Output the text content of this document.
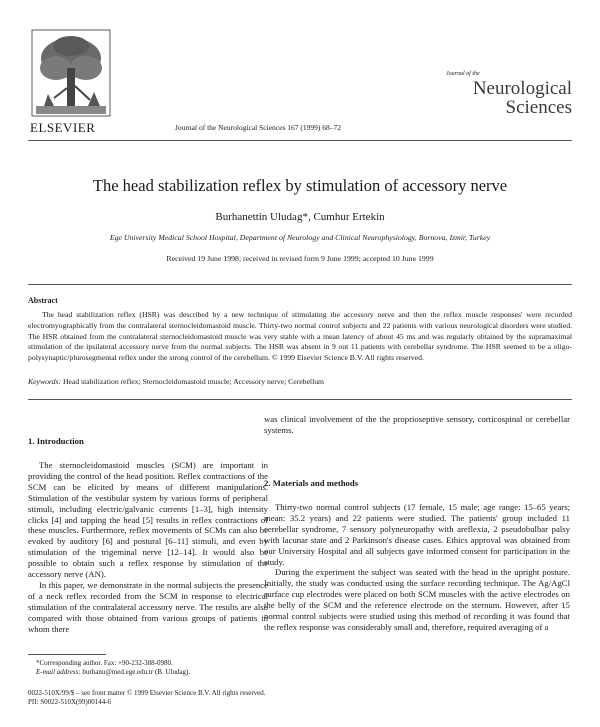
ELSEVIER	Journal of the Neurological Sciences 167 (1999) 68–72
Journal of the
Neurological
Sciences
The head stabilization reflex by stimulation of accessory nerve
Burhanettin Uludag*, Cumhur Ertekin
Ege University Medical School Hospital, Department of Neurology and Clinical Neurophysiology, Bornova, Izmir, Turkey
Received 19 June 1998; received in revised form 9 June 1999; accepted 10 June 1999
Abstract
The head stabilization reflex (HSR) was described by a new technique of stimulating the accessory nerve and then the reflex muscle responses' were recorded electromyographically from the contralateral sternocleidomastoid muscle. Thirty-two normal control subjects and 22 patients with various neurological disorders were studied. The HSR obtained from the contralateral sternocleidomastoid muscle was very stable with a mean latency of about 45 ms and was regularly obtained by the supramaximal stimulation of the ipsilateral accessory nerve from the normal subjects. The HSR was absent in 9 out 11 patients with cerebellar syndrome. The HSR seemed to be a oligo-polysynaptic/plurosegmental reflex under the strong control of the cerebellum. © 1999 Elsevier Science B.V. All rights reserved.
Keywords: Head stabilization reflex; Sternocleidomastoid muscle; Accessory nerve; Cerebellum
1. Introduction

The sternocleidomastoid muscles (SCM) are important in providing the control of the head position. Reflex contractions of the SCM can be elicited by means of different manipulations. Stimulation of the vestibular system by various forms of peripheral stimuli, including electric/galvanic currents [1–3], high intensity clicks [4] and tapping the head [5] results in reflex contractions of these muscles. Furthermore, reflex movements of SCMs can also be evoked by auditory [6] and postural [6–11] stimuli, and even by stimulation of the trigeminal nerve [12–14]. It would also be possible to obtain such a reflex response by stimulation of the accessory nerve (AN).

In this paper, we demonstrate in the normal subjects the presence of a neck reflex recorded from the SCM in response to electrical stimulation of the contralateral accessory nerve. The results are also compared with those obtained from various groups of patients in whom there

was clinical involvement of the the proprioseptive sensory, corticospinal or cerebellar systems.

2. Materials and methods

Thirty-two normal control subjects (17 female, 15 male; age range: 15–65 years; mean: 35.2 years) and 22 patients were studied. The patients' group included 11 cerebellar syndrome, 7 sensory polyneuropathy with areflexia, 2 pseudobulbar palsy with lacunar state and 2 Parkinson's disease cases. Ethics approval was obtained from our University Hospital and all subjects gave informed consent for participation in the study.

During the experiment the subject was seated with the head in the upright posture. Initially, the study was conducted using the surface recording technique. The Ag/AgCl surface cup electrodes were placed on both SCM muscles with the active electrodes on the belly of the SCM and the reference electrode on the sternum. However, after 15 normal control subjects were studied using this method of recording it was found that the reflex response was considerably small and, therefore, required averaging of a

*Corresponding author. Fax: +90-232-388-0980.
E-mail address: burhanu@med.ege.edu.tr (B. Uludag).
0022-510X/99/$ – see front matter © 1999 Elsevier Science B.V. All rights reserved.
PII: S0022-510X(99)00144-6
